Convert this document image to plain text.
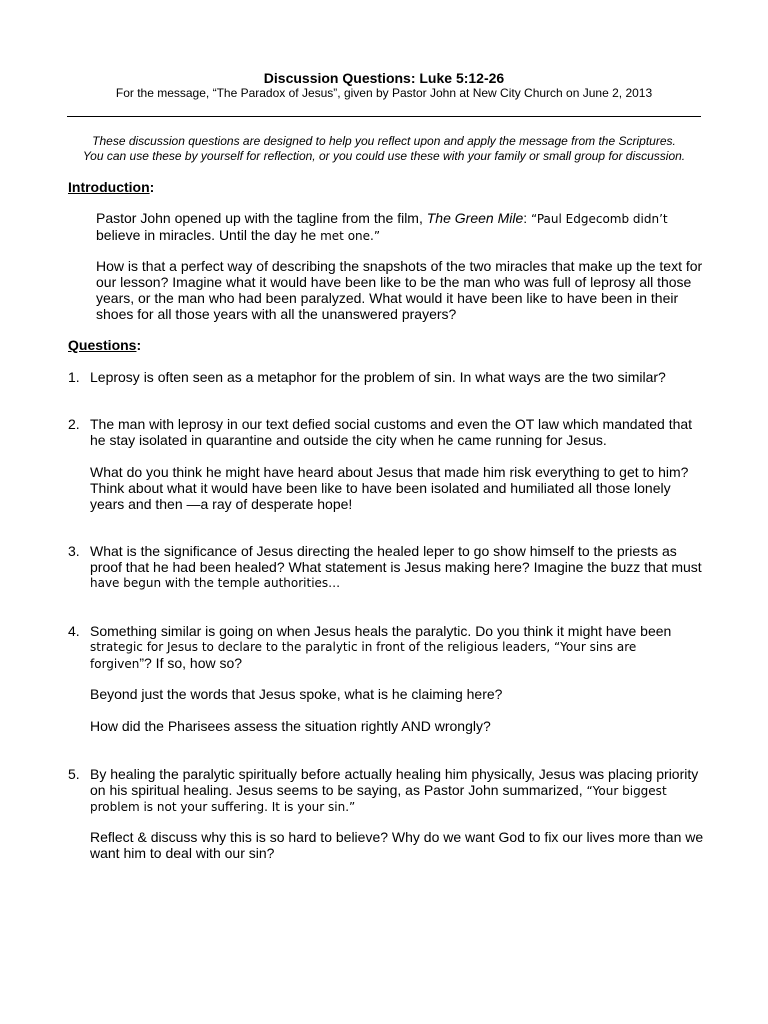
Discussion Questions: Luke 5:12-26
For the message, “The Paradox of Jesus”, given by Pastor John at New City Church on June 2, 2013
These discussion questions are designed to help you reflect upon and apply the message from the Scriptures.
You can use these by yourself for reflection, or you could use these with your family or small group for discussion.
Introduction:
Pastor John opened up with the tagline from the film, The Green Mile: “Paul Edgecomb didn’t
believe in miracles. Until the day he met one.”
How is that a perfect way of describing the snapshots of the two miracles that make up the text for
our lesson? Imagine what it would have been like to be the man who was full of leprosy all those
years, or the man who had been paralyzed. What would it have been like to have been in their
shoes for all those years with all the unanswered prayers?
Questions:
1. Leprosy is often seen as a metaphor for the problem of sin. In what ways are the two similar?
2. The man with leprosy in our text defied social customs and even the OT law which mandated that
he stay isolated in quarantine and outside the city when he came running for Jesus.
What do you think he might have heard about Jesus that made him risk everything to get to him?
Think about what it would have been like to have been isolated and humiliated all those lonely
years and then —a ray of desperate hope!
3. What is the significance of Jesus directing the healed leper to go show himself to the priests as
proof that he had been healed? What statement is Jesus making here? Imagine the buzz that must
have begun with the temple authorities…
4. Something similar is going on when Jesus heals the paralytic. Do you think it might have been
strategic for Jesus to declare to the paralytic in front of the religious leaders, “Your sins are
forgiven”? If so, how so?
Beyond just the words that Jesus spoke, what is he claiming here?
How did the Pharisees assess the situation rightly AND wrongly?
5. By healing the paralytic spiritually before actually healing him physically, Jesus was placing priority
on his spiritual healing. Jesus seems to be saying, as Pastor John summarized, “Your biggest
problem is not your suffering. It is your sin.”
Reflect & discuss why this is so hard to believe? Why do we want God to fix our lives more than we
want him to deal with our sin?
